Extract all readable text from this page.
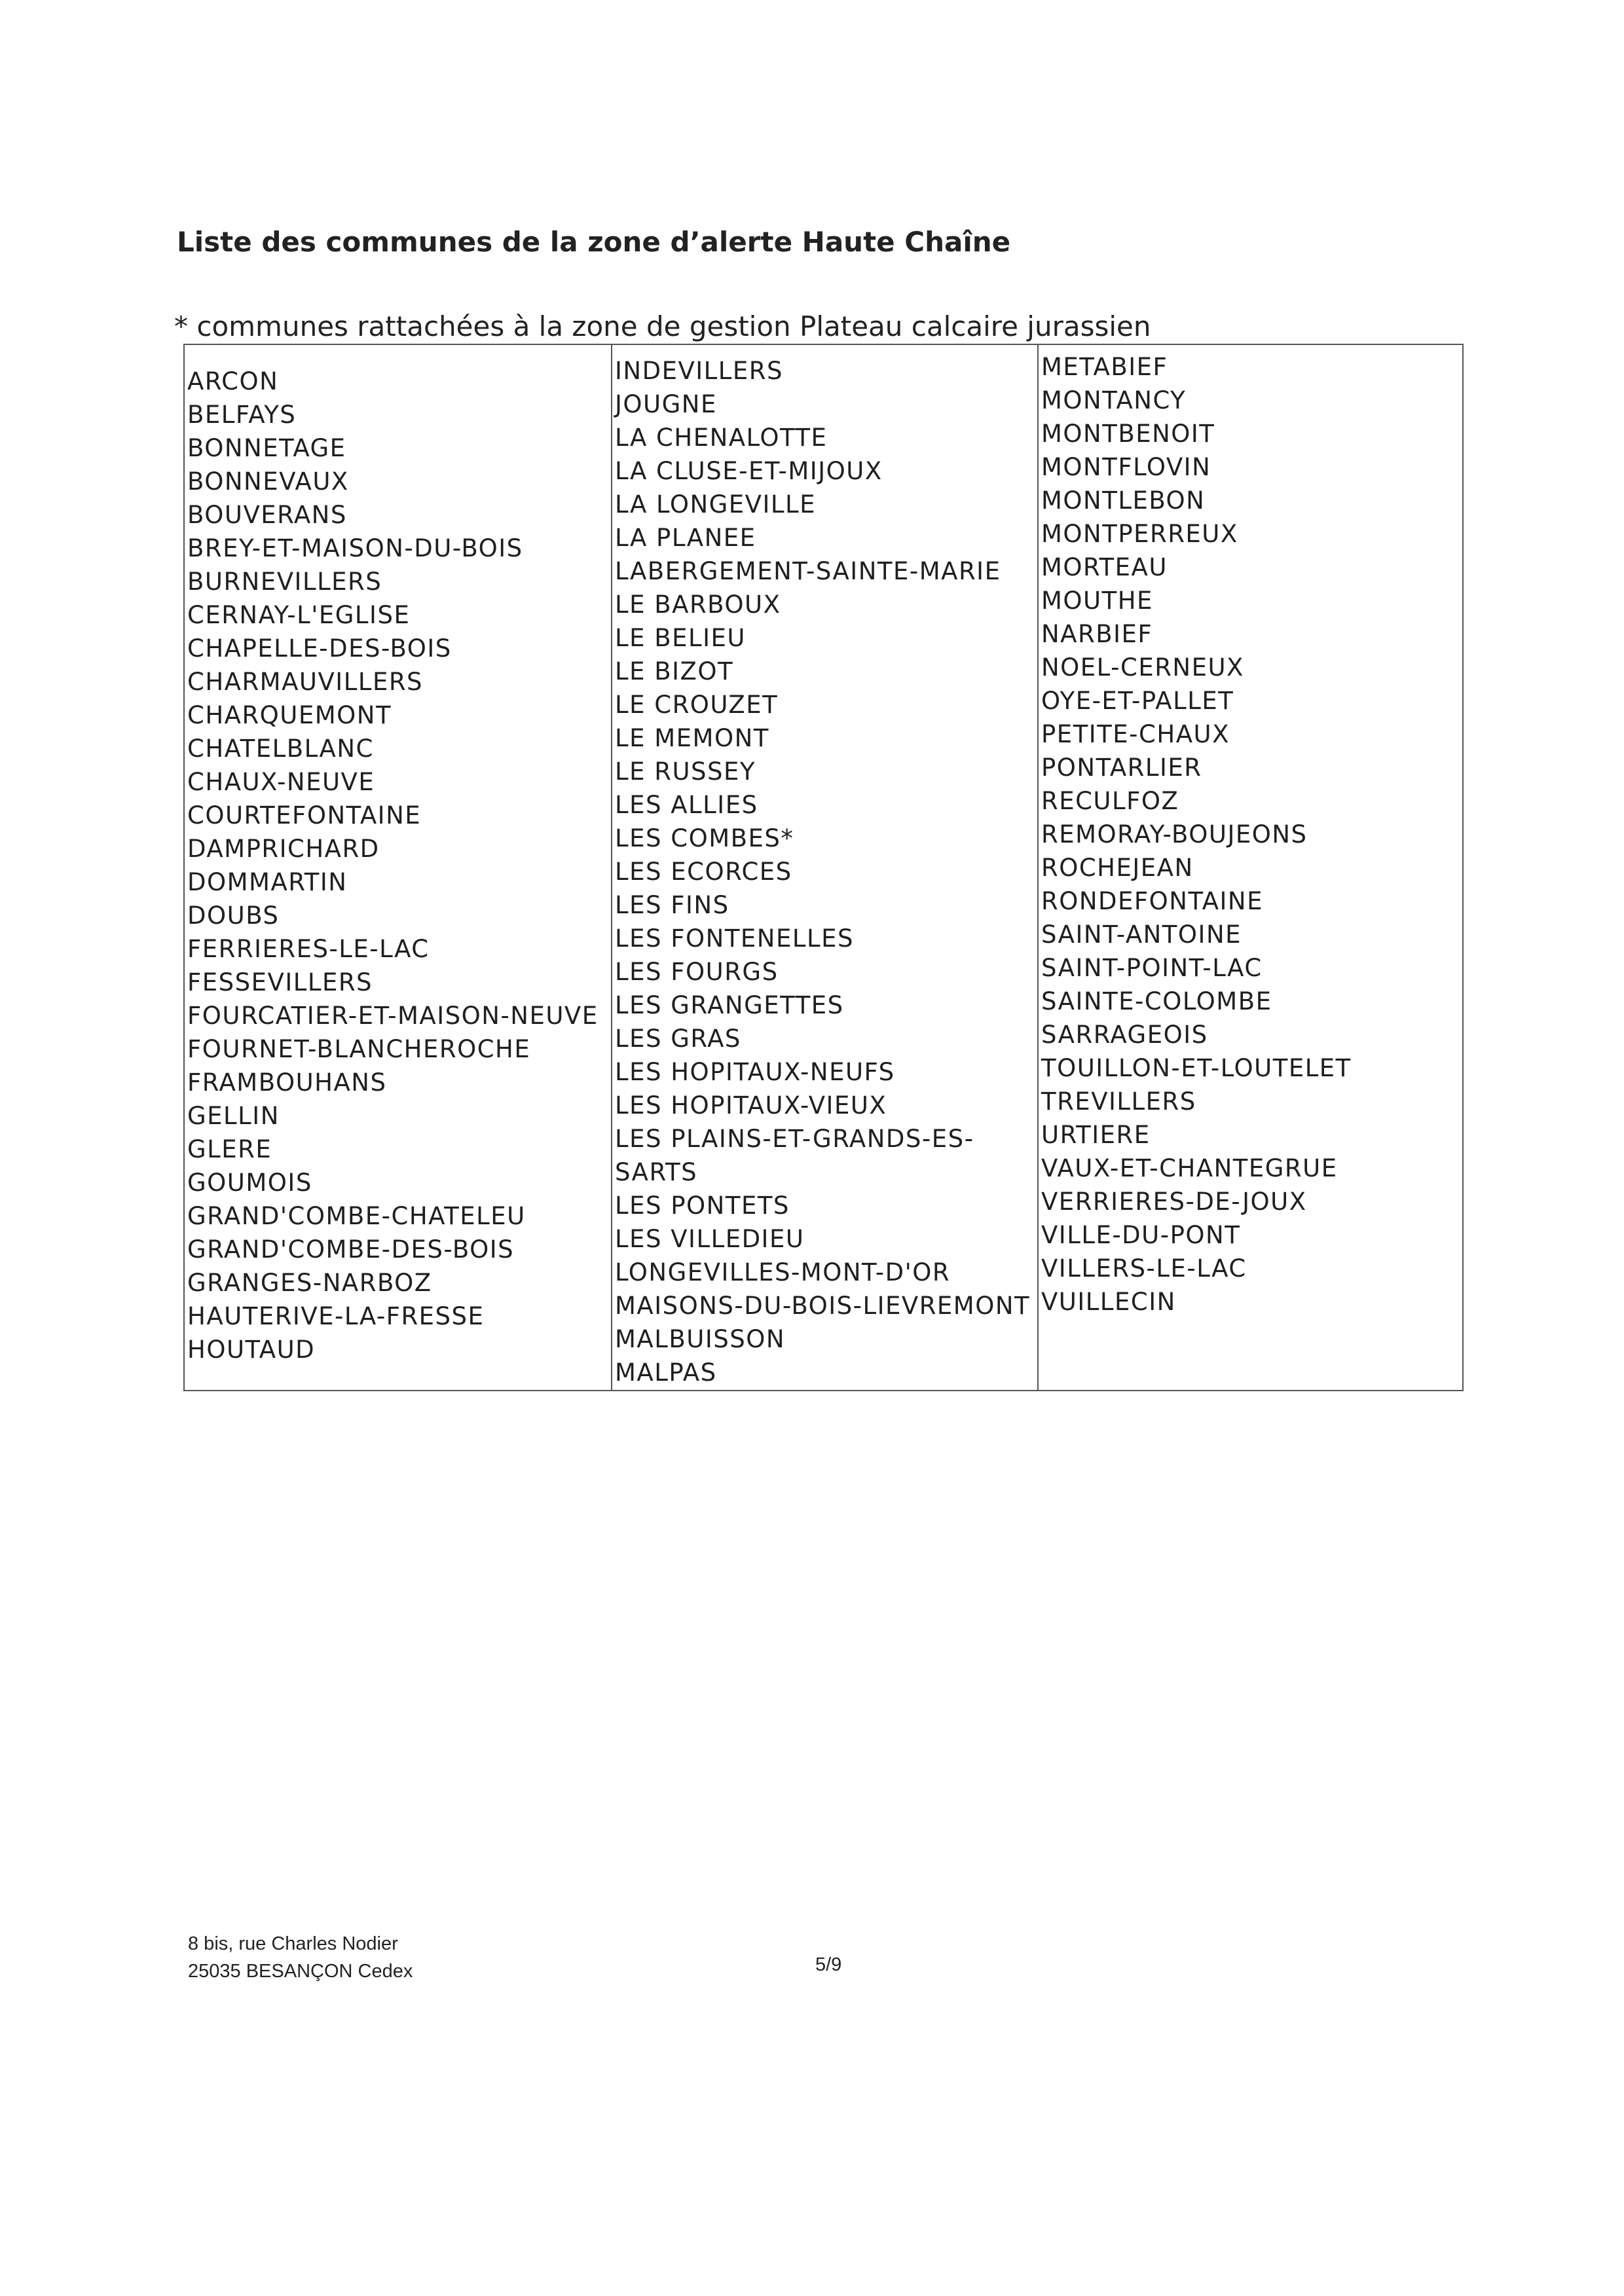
Liste des communes de la zone d’alerte Haute Chaîne
* communes rattachées à la zone de gestion Plateau calcaire jurassien
ARCON
BELFAYS
BONNETAGE
BONNEVAUX
BOUVERANS
BREY-ET-MAISON-DU-BOIS
BURNEVILLERS
CERNAY-L'EGLISE
CHAPELLE-DES-BOIS
CHARMAUVILLERS
CHARQUEMONT
CHATELBLANC
CHAUX-NEUVE
COURTEFONTAINE
DAMPRICHARD
DOMMARTIN
DOUBS
FERRIERES-LE-LAC
FESSEVILLERS
FOURCATIER-ET-MAISON-NEUVE
FOURNET-BLANCHEROCHE
FRAMBOUHANS
GELLIN
GLERE
GOUMOIS
GRAND'COMBE-CHATELEU
GRAND'COMBE-DES-BOIS
GRANGES-NARBOZ
HAUTERIVE-LA-FRESSE
HOUTAUD
INDEVILLERS
JOUGNE
LA CHENALOTTE
LA CLUSE-ET-MIJOUX
LA LONGEVILLE
LA PLANEE
LABERGEMENT-SAINTE-MARIE
LE BARBOUX
LE BELIEU
LE BIZOT
LE CROUZET
LE MEMONT
LE RUSSEY
LES ALLIES
LES COMBES*
LES ECORCES
LES FINS
LES FONTENELLES
LES FOURGS
LES GRANGETTES
LES GRAS
LES HOPITAUX-NEUFS
LES HOPITAUX-VIEUX
LES PLAINS-ET-GRANDS-ES-
SARTS
LES PONTETS
LES VILLEDIEU
LONGEVILLES-MONT-D'OR
MAISONS-DU-BOIS-LIEVREMONT
MALBUISSON
MALPAS
METABIEF
MONTANCY
MONTBENOIT
MONTFLOVIN
MONTLEBON
MONTPERREUX
MORTEAU
MOUTHE
NARBIEF
NOEL-CERNEUX
OYE-ET-PALLET
PETITE-CHAUX
PONTARLIER
RECULFOZ
REMORAY-BOUJEONS
ROCHEJEAN
RONDEFONTAINE
SAINT-ANTOINE
SAINT-POINT-LAC
SAINTE-COLOMBE
SARRAGEOIS
TOUILLON-ET-LOUTELET
TREVILLERS
URTIERE
VAUX-ET-CHANTEGRUE
VERRIERES-DE-JOUX
VILLE-DU-PONT
VILLERS-LE-LAC
VUILLECIN
8 bis, rue Charles Nodier
25035 BESANÇON Cedex	5/9
